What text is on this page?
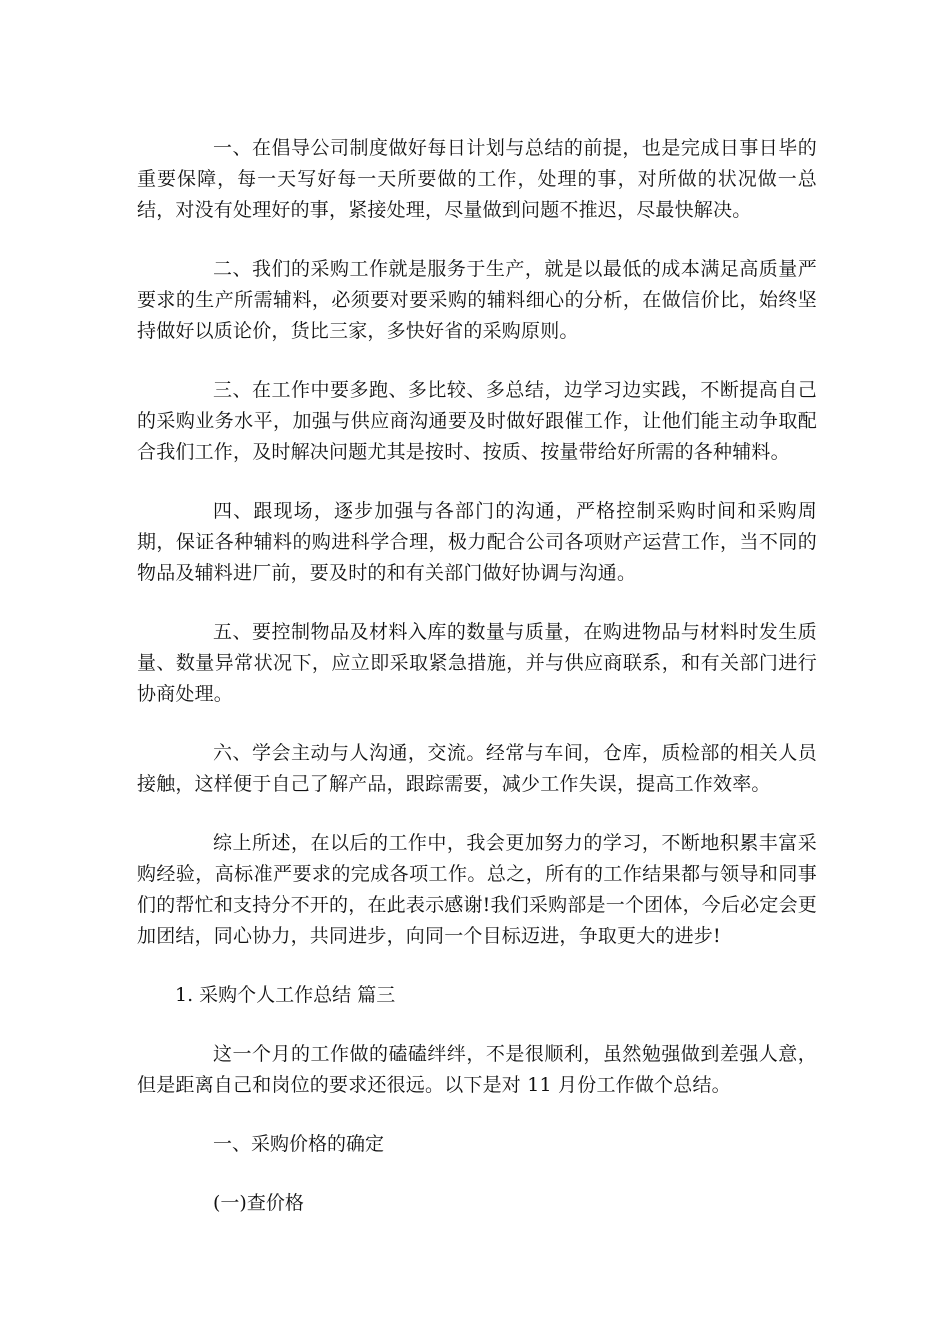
一、在倡导公司制度做好每日计划与总结的前提，也是完成日事日毕的重要保障，每一天写好每一天所要做的工作，处理的事，对所做的状况做一总结，对没有处理好的事，紧接处理，尽量做到问题不推迟，尽最快解决。

二、我们的采购工作就是服务于生产，就是以最低的成本满足高质量严要求的生产所需辅料，必须要对要采购的辅料细心的分析，在做信价比，始终坚持做好以质论价，货比三家，多快好省的采购原则。

三、在工作中要多跑、多比较、多总结，边学习边实践，不断提高自己的采购业务水平，加强与供应商沟通要及时做好跟催工作，让他们能主动争取配合我们工作，及时解决问题尤其是按时、按质、按量带给好所需的各种辅料。

四、跟现场，逐步加强与各部门的沟通，严格控制采购时间和采购周期，保证各种辅料的购进科学合理，极力配合公司各项财产运营工作，当不同的物品及辅料进厂前，要及时的和有关部门做好协调与沟通。

五、要控制物品及材料入库的数量与质量，在购进物品与材料时发生质量、数量异常状况下，应立即采取紧急措施，并与供应商联系，和有关部门进行协商处理。

六、学会主动与人沟通，交流。经常与车间，仓库，质检部的相关人员接触，这样便于自己了解产品，跟踪需要，减少工作失误，提高工作效率。

综上所述，在以后的工作中，我会更加努力的学习，不断地积累丰富采购经验，高标准严要求的完成各项工作。总之，所有的工作结果都与领导和同事们的帮忙和支持分不开的，在此表示感谢!我们采购部是一个团体，今后必定会更加团结，同心协力，共同进步，向同一个目标迈进，争取更大的进步!

1. 采购个人工作总结 篇三

这一个月的工作做的磕磕绊绊，不是很顺利，虽然勉强做到差强人意，但是距离自己和岗位的要求还很远。以下是对 11 月份工作做个总结。

一、采购价格的确定

(一)查价格
